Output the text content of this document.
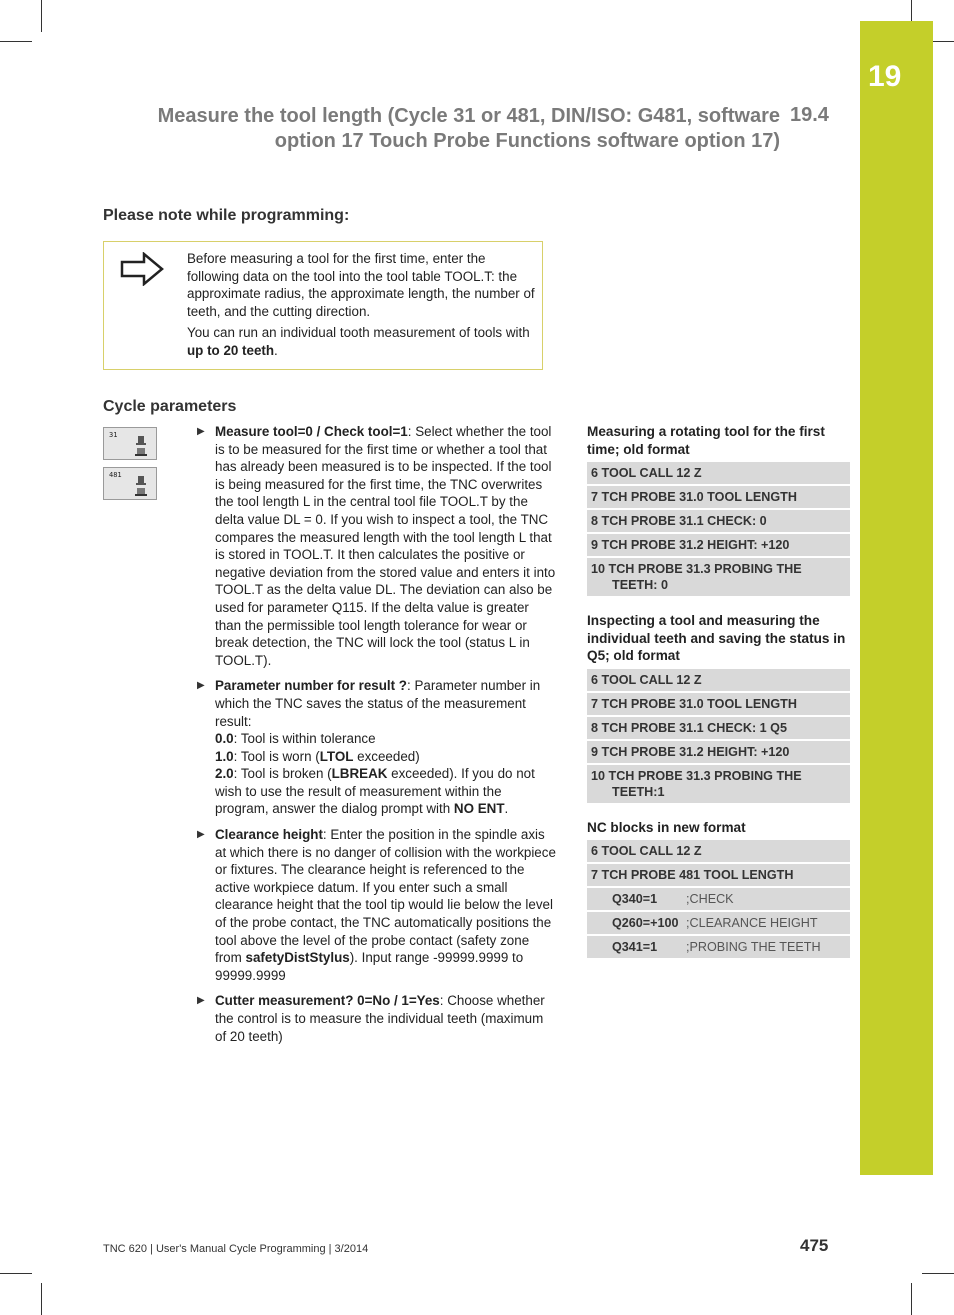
19
Measure the tool length (Cycle 31 or 481, DIN/ISO: G481, software
option 17 Touch Probe Functions software option 17)
19.4
Please note while programming:

Before measuring a tool for the first time, enter the following data on the tool into the tool table TOOL.T: the approximate radius, the approximate length, the number of teeth, and the cutting direction.

You can run an individual tooth measurement of tools with up to 20 teeth.

Cycle parameters
31
481
▶ Measure tool=0 / Check tool=1: Select whether the tool is to be measured for the first time or whether a tool that has already been measured is to be inspected. If the tool is being measured for the first time, the TNC overwrites the tool length L in the central tool file TOOL.T by the delta value DL = 0. If you wish to inspect a tool, the TNC compares the measured length with the tool length L that is stored in TOOL.T. It then calculates the positive or negative deviation from the stored value and enters it into TOOL.T as the delta value DL. The deviation can also be used for parameter Q115. If the delta value is greater than the permissible tool length tolerance for wear or break detection, the TNC will lock the tool (status L in TOOL.T).
▶ Parameter number for result ?: Parameter number in which the TNC saves the status of the measurement result:
0.0: Tool is within tolerance
1.0: Tool is worn (LTOL exceeded)
2.0: Tool is broken (LBREAK exceeded). If you do not wish to use the result of measurement within the program, answer the dialog prompt with NO ENT.
▶ Clearance height: Enter the position in the spindle axis at which there is no danger of collision with the workpiece or fixtures. The clearance height is referenced to the active workpiece datum. If you enter such a small clearance height that the tool tip would lie below the level of the probe contact, the TNC automatically positions the tool above the level of the probe contact (safety zone from safetyDistStylus). Input range -99999.9999 to 99999.9999
▶ Cutter measurement? 0=No / 1=Yes: Choose whether the control is to measure the individual teeth (maximum of 20 teeth)
Measuring a rotating tool for the first time; old format
6 TOOL CALL 12 Z
7 TCH PROBE 31.0 TOOL LENGTH
8 TCH PROBE 31.1 CHECK: 0
9 TCH PROBE 31.2 HEIGHT: +120
10 TCH PROBE 31.3 PROBING THE TEETH: 0
Inspecting a tool and measuring the individual teeth and saving the status in Q5; old format
6 TOOL CALL 12 Z
7 TCH PROBE 31.0 TOOL LENGTH
8 TCH PROBE 31.1 CHECK: 1 Q5
9 TCH PROBE 31.2 HEIGHT: +120
10 TCH PROBE 31.3 PROBING THE TEETH:1
NC blocks in new format
6 TOOL CALL 12 Z
7 TCH PROBE 481 TOOL LENGTH
Q340=1 ;CHECK
Q260=+100 ;CLEARANCE HEIGHT
Q341=1 ;PROBING THE TEETH
TNC 620 | User's Manual Cycle Programming | 3/2014	475
